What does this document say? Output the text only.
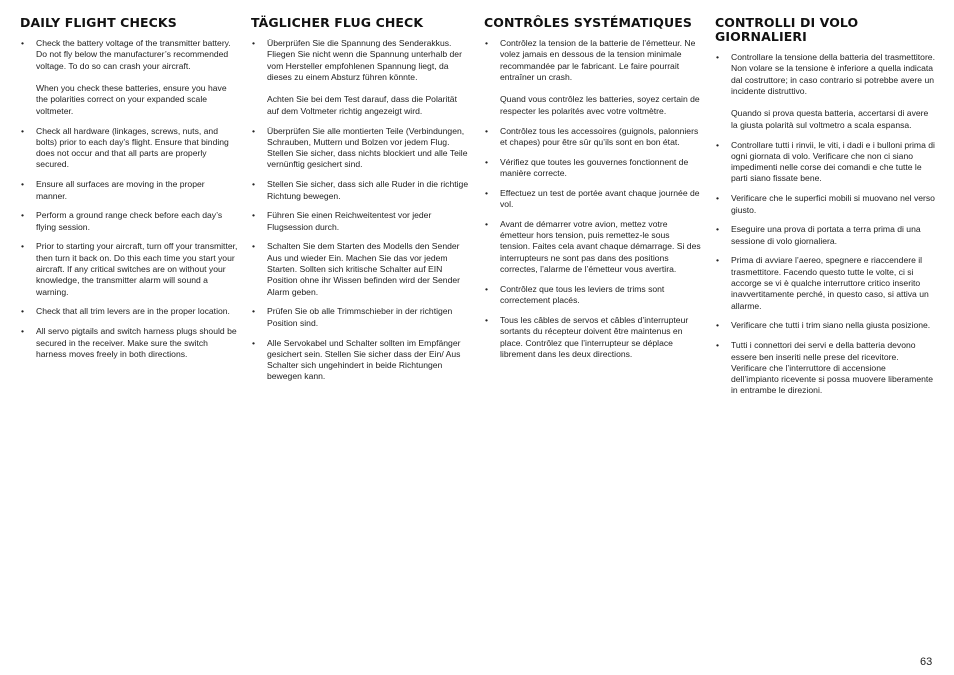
DAILY FLIGHT CHECKS
• Check the battery voltage of the transmitter battery. Do not fly below the manufacturer’s recommended voltage. To do so can crash your aircraft.
When you check these batteries, ensure you have the polarities correct on your expanded scale voltmeter.
• Check all hardware (linkages, screws, nuts, and bolts) prior to each day’s flight. Ensure that binding does not occur and that all parts are properly secured.
• Ensure all surfaces are moving in the proper manner.
• Perform a ground range check before each day’s flying session.
• Prior to starting your aircraft, turn off your transmitter, then turn it back on. Do this each time you start your aircraft. If any critical switches are on without your knowledge, the transmitter alarm will sound a warning.
• Check that all trim levers are in the proper location.
• All servo pigtails and switch harness plugs should be secured in the receiver. Make sure the switch harness moves freely in both directions.
TÄGLICHER FLUG CHECK
• Überprüfen Sie die Spannung des Senderakkus. Fliegen Sie nicht wenn die Spannung unterhalb der vom Hersteller empfohlenen Spannung liegt, da dieses zu einem Absturz führen könnte.
Achten Sie bei dem Test darauf, dass die Polarität auf dem Voltmeter richtig angezeigt wird.
• Überprüfen Sie alle montierten Teile (Verbindungen, Schrauben, Muttern und Bolzen vor jedem Flug. Stellen Sie sicher, dass nichts blockiert und alle Teile vernünftig gesichert sind.
• Stellen Sie sicher, dass sich alle Ruder in die richtige Richtung bewegen.
• Führen Sie einen Reichweitentest vor jeder Flugsession durch.
• Schalten Sie dem Starten des Modells den Sender Aus und wieder Ein. Machen Sie das vor jedem Starten. Sollten sich kritische Schalter auf EIN Position ohne ihr Wissen befinden wird der Sender Alarm geben.
• Prüfen Sie ob alle Trimmschieber in der richtigen Position sind.
• Alle Servokabel und Schalter sollten im Empfänger gesichert sein. Stellen Sie sicher dass der Ein/ Aus Schalter sich ungehindert in beide Richtungen bewegen kann.
CONTRÔLES SYSTÉMATIQUES
• Contrôlez la tension de la batterie de l’émetteur. Ne volez jamais en dessous de la tension minimale recommandée par le fabricant. Le faire pourrait entraîner un crash.
Quand vous contrôlez les batteries, soyez certain de respecter les polarités avec votre voltmètre.
• Contrôlez tous les accessoires (guignols, palonniers et chapes) pour être sûr qu’ils sont en bon état.
• Vérifiez que toutes les gouvernes fonctionnent de manière correcte.
• Effectuez un test de portée avant chaque journée de vol.
• Avant de démarrer votre avion, mettez votre émetteur hors tension, puis remettez-le sous tension. Faites cela avant chaque démarrage. Si des interrupteurs ne sont pas dans des positions correctes, l’alarme de l’émetteur vous avertira.
• Contrôlez que tous les leviers de trims sont correctement placés.
• Tous les câbles de servos et câbles d’interrupteur sortants du récepteur doivent être maintenus en place. Contrôlez que l’interrupteur se déplace librement dans les deux directions.
CONTROLLI DI VOLO GIORNALIERI
• Controllare la tensione della batteria del trasmettitore. Non volare se la tensione è inferiore a quella indicata dal costruttore; in caso contrario si potrebbe avere un incidente distruttivo.
Quando si prova questa batteria, accertarsi di avere la giusta polarità sul voltmetro a scala espansa.
• Controllare tutti i rinvii, le viti, i dadi e i bulloni prima di ogni giornata di volo. Verificare che non ci siano impedimenti nelle corse dei comandi e che tutte le parti siano fissate bene.
• Verificare che le superfici mobili si muovano nel verso giusto.
• Eseguire una prova di portata a terra prima di una sessione di volo giornaliera.
• Prima di avviare l’aereo, spegnere e riaccendere il trasmettitore. Facendo questo tutte le volte, ci si accorge se vi è qualche interruttore critico inserito inavvertitamente perché, in questo caso, si attiva un allarme.
• Verificare che tutti i trim siano nella giusta posizione.
• Tutti i connettori dei servi e della batteria devono essere ben inseriti nelle prese del ricevitore. Verificare che l’interruttore di accensione dell’impianto ricevente si possa muovere liberamente in entrambe le direzioni.
63
